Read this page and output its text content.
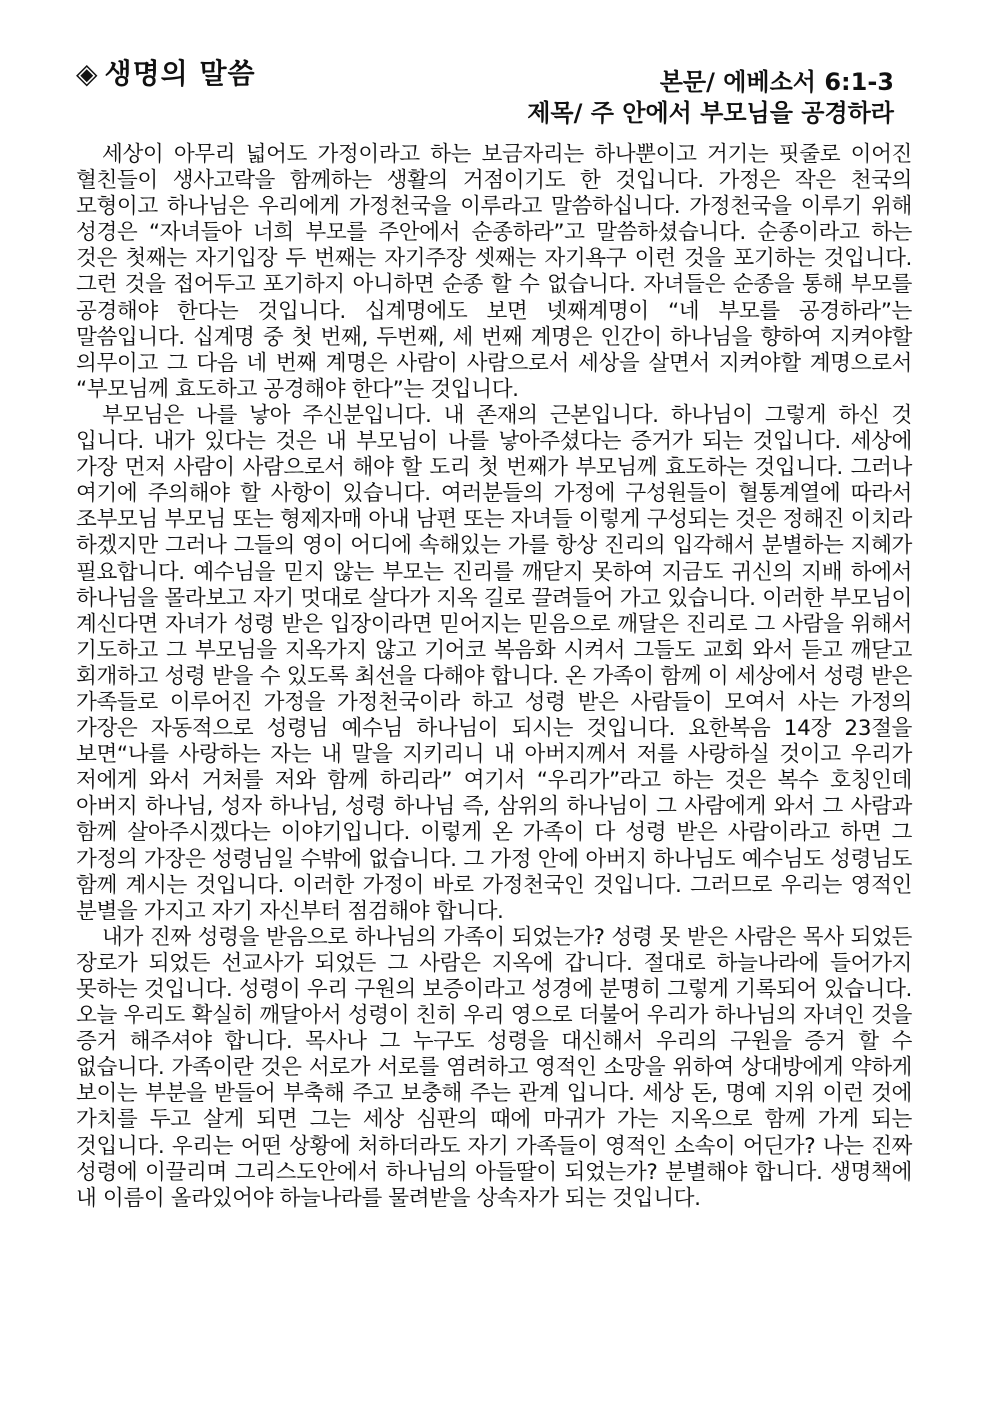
◈ 생명의 말씀	본문/ 에베소서 6:1-3
제목/ 주 안에서 부모님을 공경하라

세상이 아무리 넓어도 가정이라고 하는 보금자리는 하나뿐이고 거기는 핏줄로 이어진 혈친들이 생사고락을 함께하는 생활의 거점이기도 한 것입니다. 가정은 작은 천국의 모형이고 하나님은 우리에게 가정천국을 이루라고 말씀하십니다. 가정천국을 이루기 위해 성경은 “자녀들아 너희 부모를 주안에서 순종하라”고 말씀하셨습니다. 순종이라고 하는 것은 첫째는 자기입장 두 번째는 자기주장 셋째는 자기욕구 이런 것을 포기하는 것입니다. 그런 것을 접어두고 포기하지 아니하면 순종 할 수 없습니다. 자녀들은 순종을 통해 부모를 공경해야 한다는 것입니다. 십계명에도 보면 넷째계명이 “네 부모를 공경하라”는 말씀입니다. 십계명 중 첫 번째, 두번째, 세 번째 계명은 인간이 하나님을 향하여 지켜야할 의무이고 그 다음 네 번째 계명은 사람이 사람으로서 세상을 살면서 지켜야할 계명으로서 “부모님께 효도하고 공경해야 한다”는 것입니다.

부모님은 나를 낳아 주신분입니다. 내 존재의 근본입니다. 하나님이 그렇게 하신 것 입니다. 내가 있다는 것은 내 부모님이 나를 낳아주셨다는 증거가 되는 것입니다. 세상에 가장 먼저 사람이 사람으로서 해야 할 도리 첫 번째가 부모님께 효도하는 것입니다. 그러나 여기에 주의해야 할 사항이 있습니다. 여러분들의 가정에 구성원들이 혈통계열에 따라서 조부모님 부모님 또는 형제자매 아내 남편 또는 자녀들 이렇게 구성되는 것은 정해진 이치라 하겠지만 그러나 그들의 영이 어디에 속해있는 가를 항상 진리의 입각해서 분별하는 지혜가 필요합니다. 예수님을 믿지 않는 부모는 진리를 깨닫지 못하여 지금도 귀신의 지배 하에서 하나님을 몰라보고 자기 멋대로 살다가 지옥 길로 끌려들어 가고 있습니다. 이러한 부모님이 계신다면 자녀가 성령 받은 입장이라면 믿어지는 믿음으로 깨달은 진리로 그 사람을 위해서 기도하고 그 부모님을 지옥가지 않고 기어코 복음화 시켜서 그들도 교회 와서 듣고 깨닫고 회개하고 성령 받을 수 있도록 최선을 다해야 합니다. 온 가족이 함께 이 세상에서 성령 받은 가족들로 이루어진 가정을 가정천국이라 하고 성령 받은 사람들이 모여서 사는 가정의 가장은 자동적으로 성령님 예수님 하나님이 되시는 것입니다. 요한복음 14장 23절을 보면“나를 사랑하는 자는 내 말을 지키리니 내 아버지께서 저를 사랑하실 것이고 우리가 저에게 와서 거처를 저와 함께 하리라” 여기서 “우리가”라고 하는 것은 복수 호칭인데 아버지 하나님, 성자 하나님, 성령 하나님 즉, 삼위의 하나님이 그 사람에게 와서 그 사람과 함께 살아주시겠다는 이야기입니다. 이렇게 온 가족이 다 성령 받은 사람이라고 하면 그 가정의 가장은 성령님일 수밖에 없습니다. 그 가정 안에 아버지 하나님도 예수님도 성령님도 함께 계시는 것입니다. 이러한 가정이 바로 가정천국인 것입니다. 그러므로 우리는 영적인 분별을 가지고 자기 자신부터 점검해야 합니다.

내가 진짜 성령을 받음으로 하나님의 가족이 되었는가? 성령 못 받은 사람은 목사 되었든 장로가 되었든 선교사가 되었든 그 사람은 지옥에 갑니다. 절대로 하늘나라에 들어가지 못하는 것입니다. 성령이 우리 구원의 보증이라고 성경에 분명히 그렇게 기록되어 있습니다. 오늘 우리도 확실히 깨달아서 성령이 친히 우리 영으로 더불어 우리가 하나님의 자녀인 것을 증거 해주셔야 합니다. 목사나 그 누구도 성령을 대신해서 우리의 구원을 증거 할 수 없습니다. 가족이란 것은 서로가 서로를 염려하고 영적인 소망을 위하여 상대방에게 약하게 보이는 부분을 받들어 부축해 주고 보충해 주는 관계 입니다. 세상 돈, 명예 지위 이런 것에 가치를 두고 살게 되면 그는 세상 심판의 때에 마귀가 가는 지옥으로 함께 가게 되는 것입니다. 우리는 어떤 상황에 처하더라도 자기 가족들이 영적인 소속이 어딘가? 나는 진짜 성령에 이끌리며 그리스도안에서 하나님의 아들딸이 되었는가? 분별해야 합니다. 생명책에 내 이름이 올라있어야 하늘나라를 물려받을 상속자가 되는 것입니다.
